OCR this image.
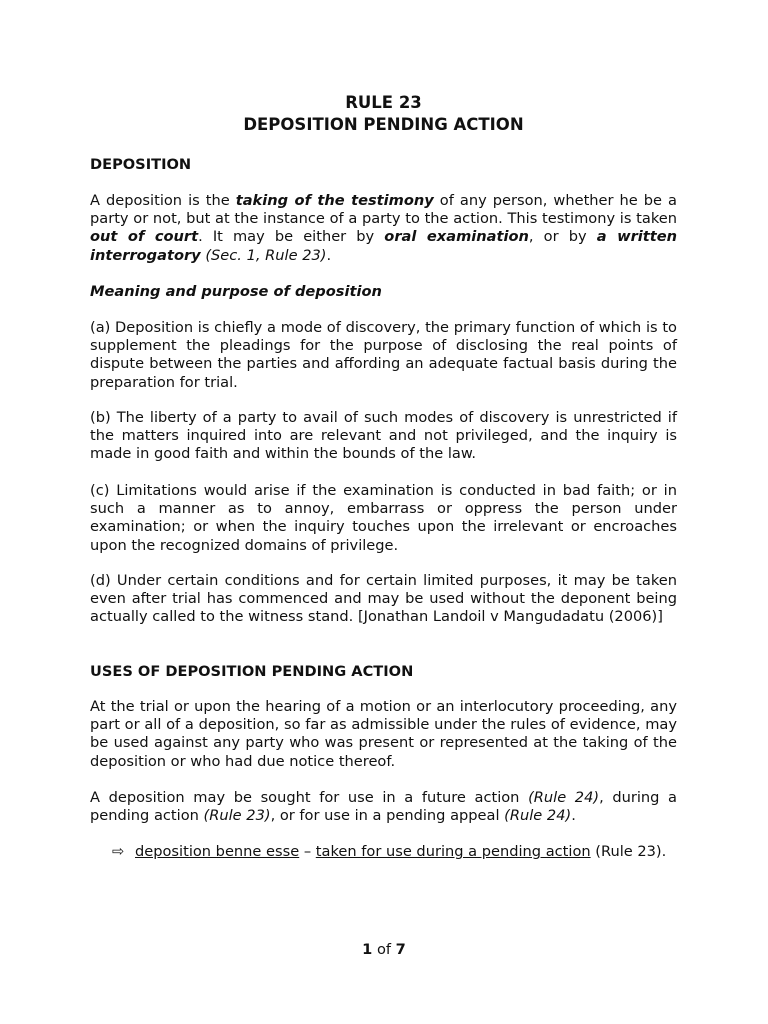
RULE 23
DEPOSITION PENDING ACTION
DEPOSITION
A deposition is the taking of the testimony of any person, whether he be a party or not, but at the instance of a party to the action. This testimony is taken out of court. It may be either by oral examination, or by a written interrogatory (Sec. 1, Rule 23).
Meaning and purpose of deposition
(a) Deposition is chiefly a mode of discovery, the primary function of which is to supplement the pleadings for the purpose of disclosing the real points of dispute between the parties and affording an adequate factual basis during the preparation for trial.
(b) The liberty of a party to avail of such modes of discovery is unrestricted if the matters inquired into are relevant and not privileged, and the inquiry is made in good faith and within the bounds of the law.
(c) Limitations would arise if the examination is conducted in bad faith; or in such a manner as to annoy, embarrass or oppress the person under examination; or when the inquiry touches upon the irrelevant or encroaches upon the recognized domains of privilege.
(d) Under certain conditions and for certain limited purposes, it may be taken even after trial has commenced and may be used without the deponent being actually called to the witness stand. [Jonathan Landoil v Mangudadatu (2006)]
USES OF DEPOSITION PENDING ACTION
At the trial or upon the hearing of a motion or an interlocutory proceeding, any part or all of a deposition, so far as admissible under the rules of evidence, may be used against any party who was present or represented at the taking of the deposition or who had due notice thereof.
A deposition may be sought for use in a future action (Rule 24), during a pending action (Rule 23), or for use in a pending appeal (Rule 24).
⇨ deposition benne esse – taken for use during a pending action (Rule 23).
1 of 7
